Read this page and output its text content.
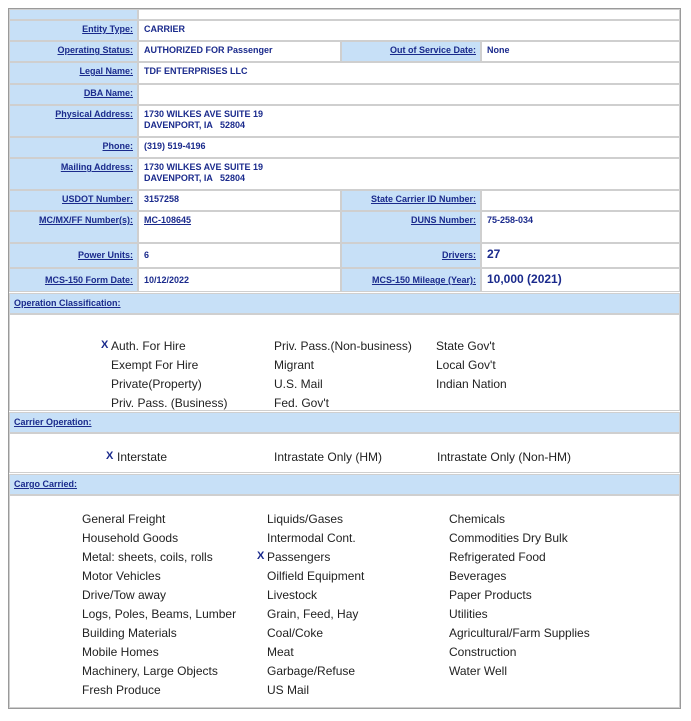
Entity Type:	CARRIER
Operating Status:	AUTHORIZED FOR Passenger	Out of Service Date:	None
Legal Name:	TDF ENTERPRISES LLC
DBA Name:
Physical Address:	1730 WILKES AVE SUITE 19
DAVENPORT, IA   52804
Phone:	(319) 519-4196
Mailing Address:	1730 WILKES AVE SUITE 19
DAVENPORT, IA   52804
USDOT Number:	3157258	State Carrier ID Number:
MC/MX/FF Number(s):	MC-108645	DUNS Number:	75-258-034
Power Units:	6	Drivers: 27
MCS-150 Form Date:	10/12/2022	MCS-150 Mileage (Year): 10,000 (2021)
Operation Classification:
X Auth. For Hire
Exempt For Hire
Private(Property)
Priv. Pass. (Business)
Priv. Pass.(Non-business)
Migrant
U.S. Mail
Fed. Gov't
State Gov't
Local Gov't
Indian Nation
Carrier Operation:
X Interstate	Intrastate Only (HM)	Intrastate Only (Non-HM)
Cargo Carried:
General Freight
Household Goods
Metal: sheets, coils, rolls
Motor Vehicles
Drive/Tow away
Logs, Poles, Beams, Lumber
Building Materials
Mobile Homes
Machinery, Large Objects
Fresh Produce
Liquids/Gases
Intermodal Cont.
X Passengers
Oilfield Equipment
Livestock
Grain, Feed, Hay
Coal/Coke
Meat
Garbage/Refuse
US Mail
Chemicals
Commodities Dry Bulk
Refrigerated Food
Beverages
Paper Products
Utilities
Agricultural/Farm Supplies
Construction
Water Well
